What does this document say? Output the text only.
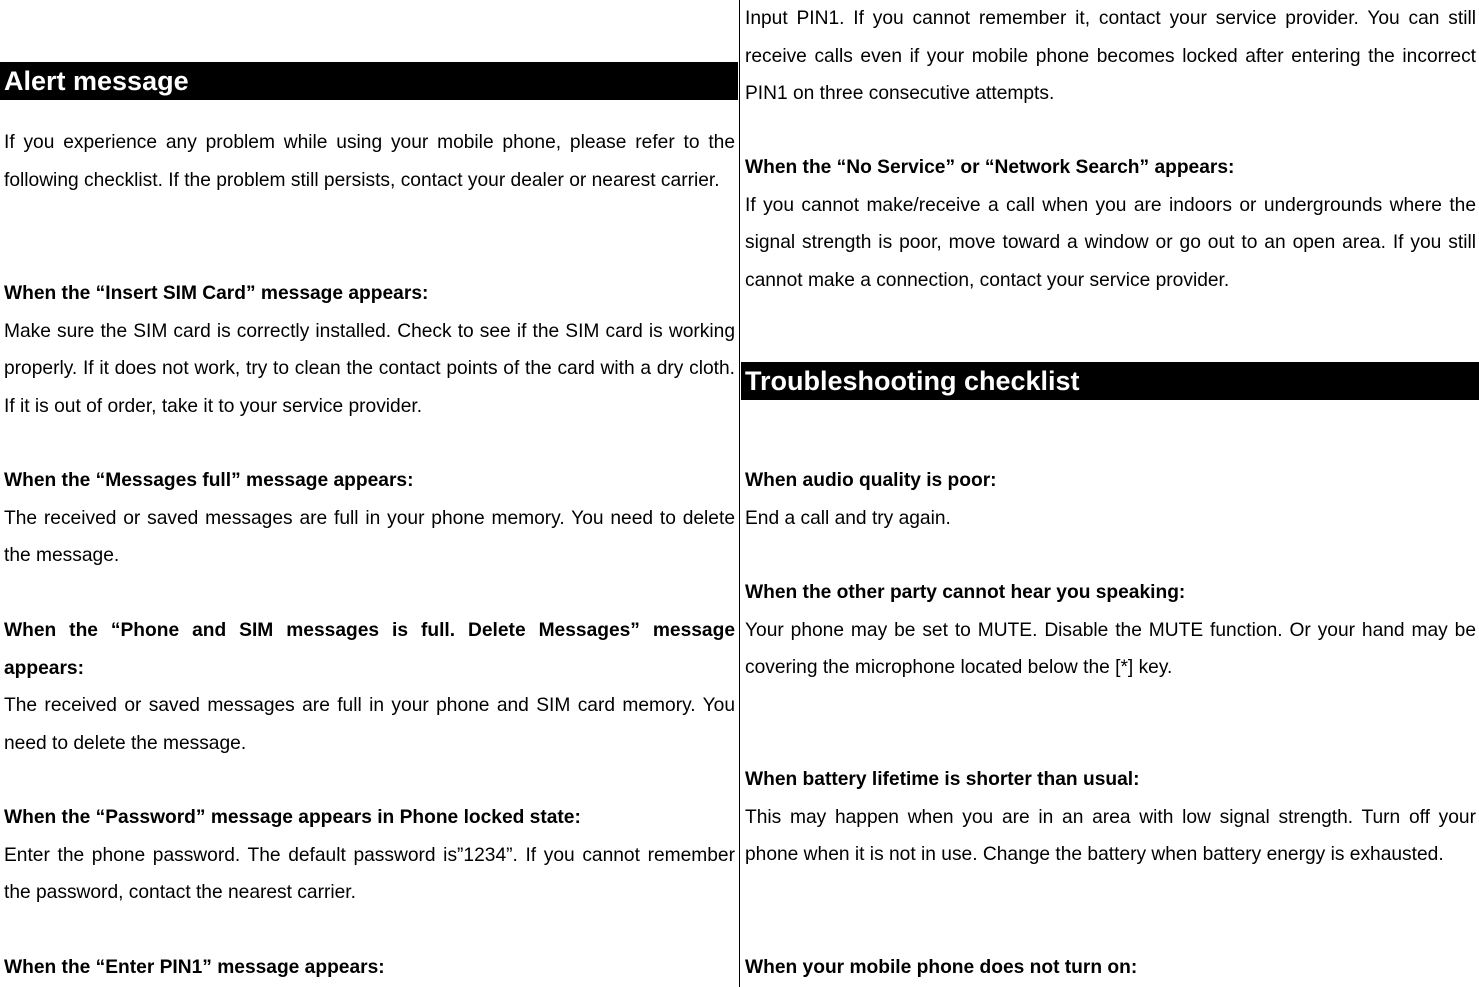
Alert message

If you experience any problem while using your mobile phone, please refer to the following checklist. If the problem still persists, contact your dealer or nearest carrier.

When the “Insert SIM Card” message appears:

Make sure the SIM card is correctly installed. Check to see if the SIM card is working properly. If it does not work, try to clean the contact points of the card with a dry cloth. If it is out of order, take it to your service provider.

When the “Messages full” message appears:

The received or saved messages are full in your phone memory. You need to delete the message.

When the “Phone and SIM messages is full. Delete Messages” message appears:

The received or saved messages are full in your phone and SIM card memory. You need to delete the message.

When the “Password” message appears in Phone locked state:

Enter the phone password. The default password is”1234”. If you cannot remember the password, contact the nearest carrier.

When the “Enter PIN1” message appears:

Input PIN1. If you cannot remember it, contact your service provider. You can still receive calls even if your mobile phone becomes locked after entering the incorrect PIN1 on three consecutive attempts.

When the “No Service” or “Network Search” appears:

If you cannot make/receive a call when you are indoors or undergrounds where the signal strength is poor, move toward a window or go out to an open area. If you still cannot make a connection, contact your service provider.

Troubleshooting checklist

When audio quality is poor:

End a call and try again.

When the other party cannot hear you speaking:

Your phone may be set to MUTE. Disable the MUTE function. Or your hand may be covering the microphone located below the [*] key.

When battery lifetime is shorter than usual:

This may happen when you are in an area with low signal strength. Turn off your phone when it is not in use. Change the battery when battery energy is exhausted.

When your mobile phone does not turn on:
